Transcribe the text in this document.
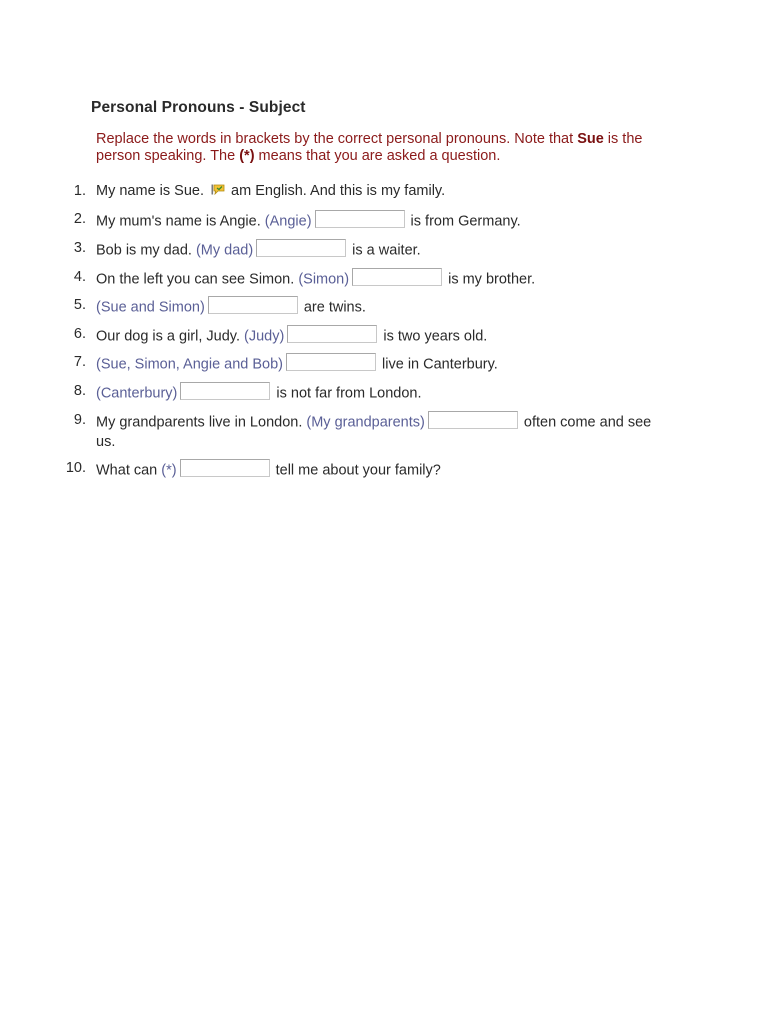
Personal Pronouns - Subject
Replace the words in brackets by the correct personal pronouns. Note that Sue is the person speaking. The (*) means that you are asked a question.
1. My name is Sue.  am English. And this is my family.
2. My mum's name is Angie. (Angie)	is from Germany.
3. Bob is my dad. (My dad)	is a waiter.
4. On the left you can see Simon. (Simon)	is my brother.
5. (Sue and Simon)	are twins.
6. Our dog is a girl, Judy. (Judy)	is two years old.
7. (Sue, Simon, Angie and Bob)	live in Canterbury.
8. (Canterbury)	is not far from London.
9. My grandparents live in London. (My grandparents)	often come and see us.
10. What can (*)	tell me about your family?
